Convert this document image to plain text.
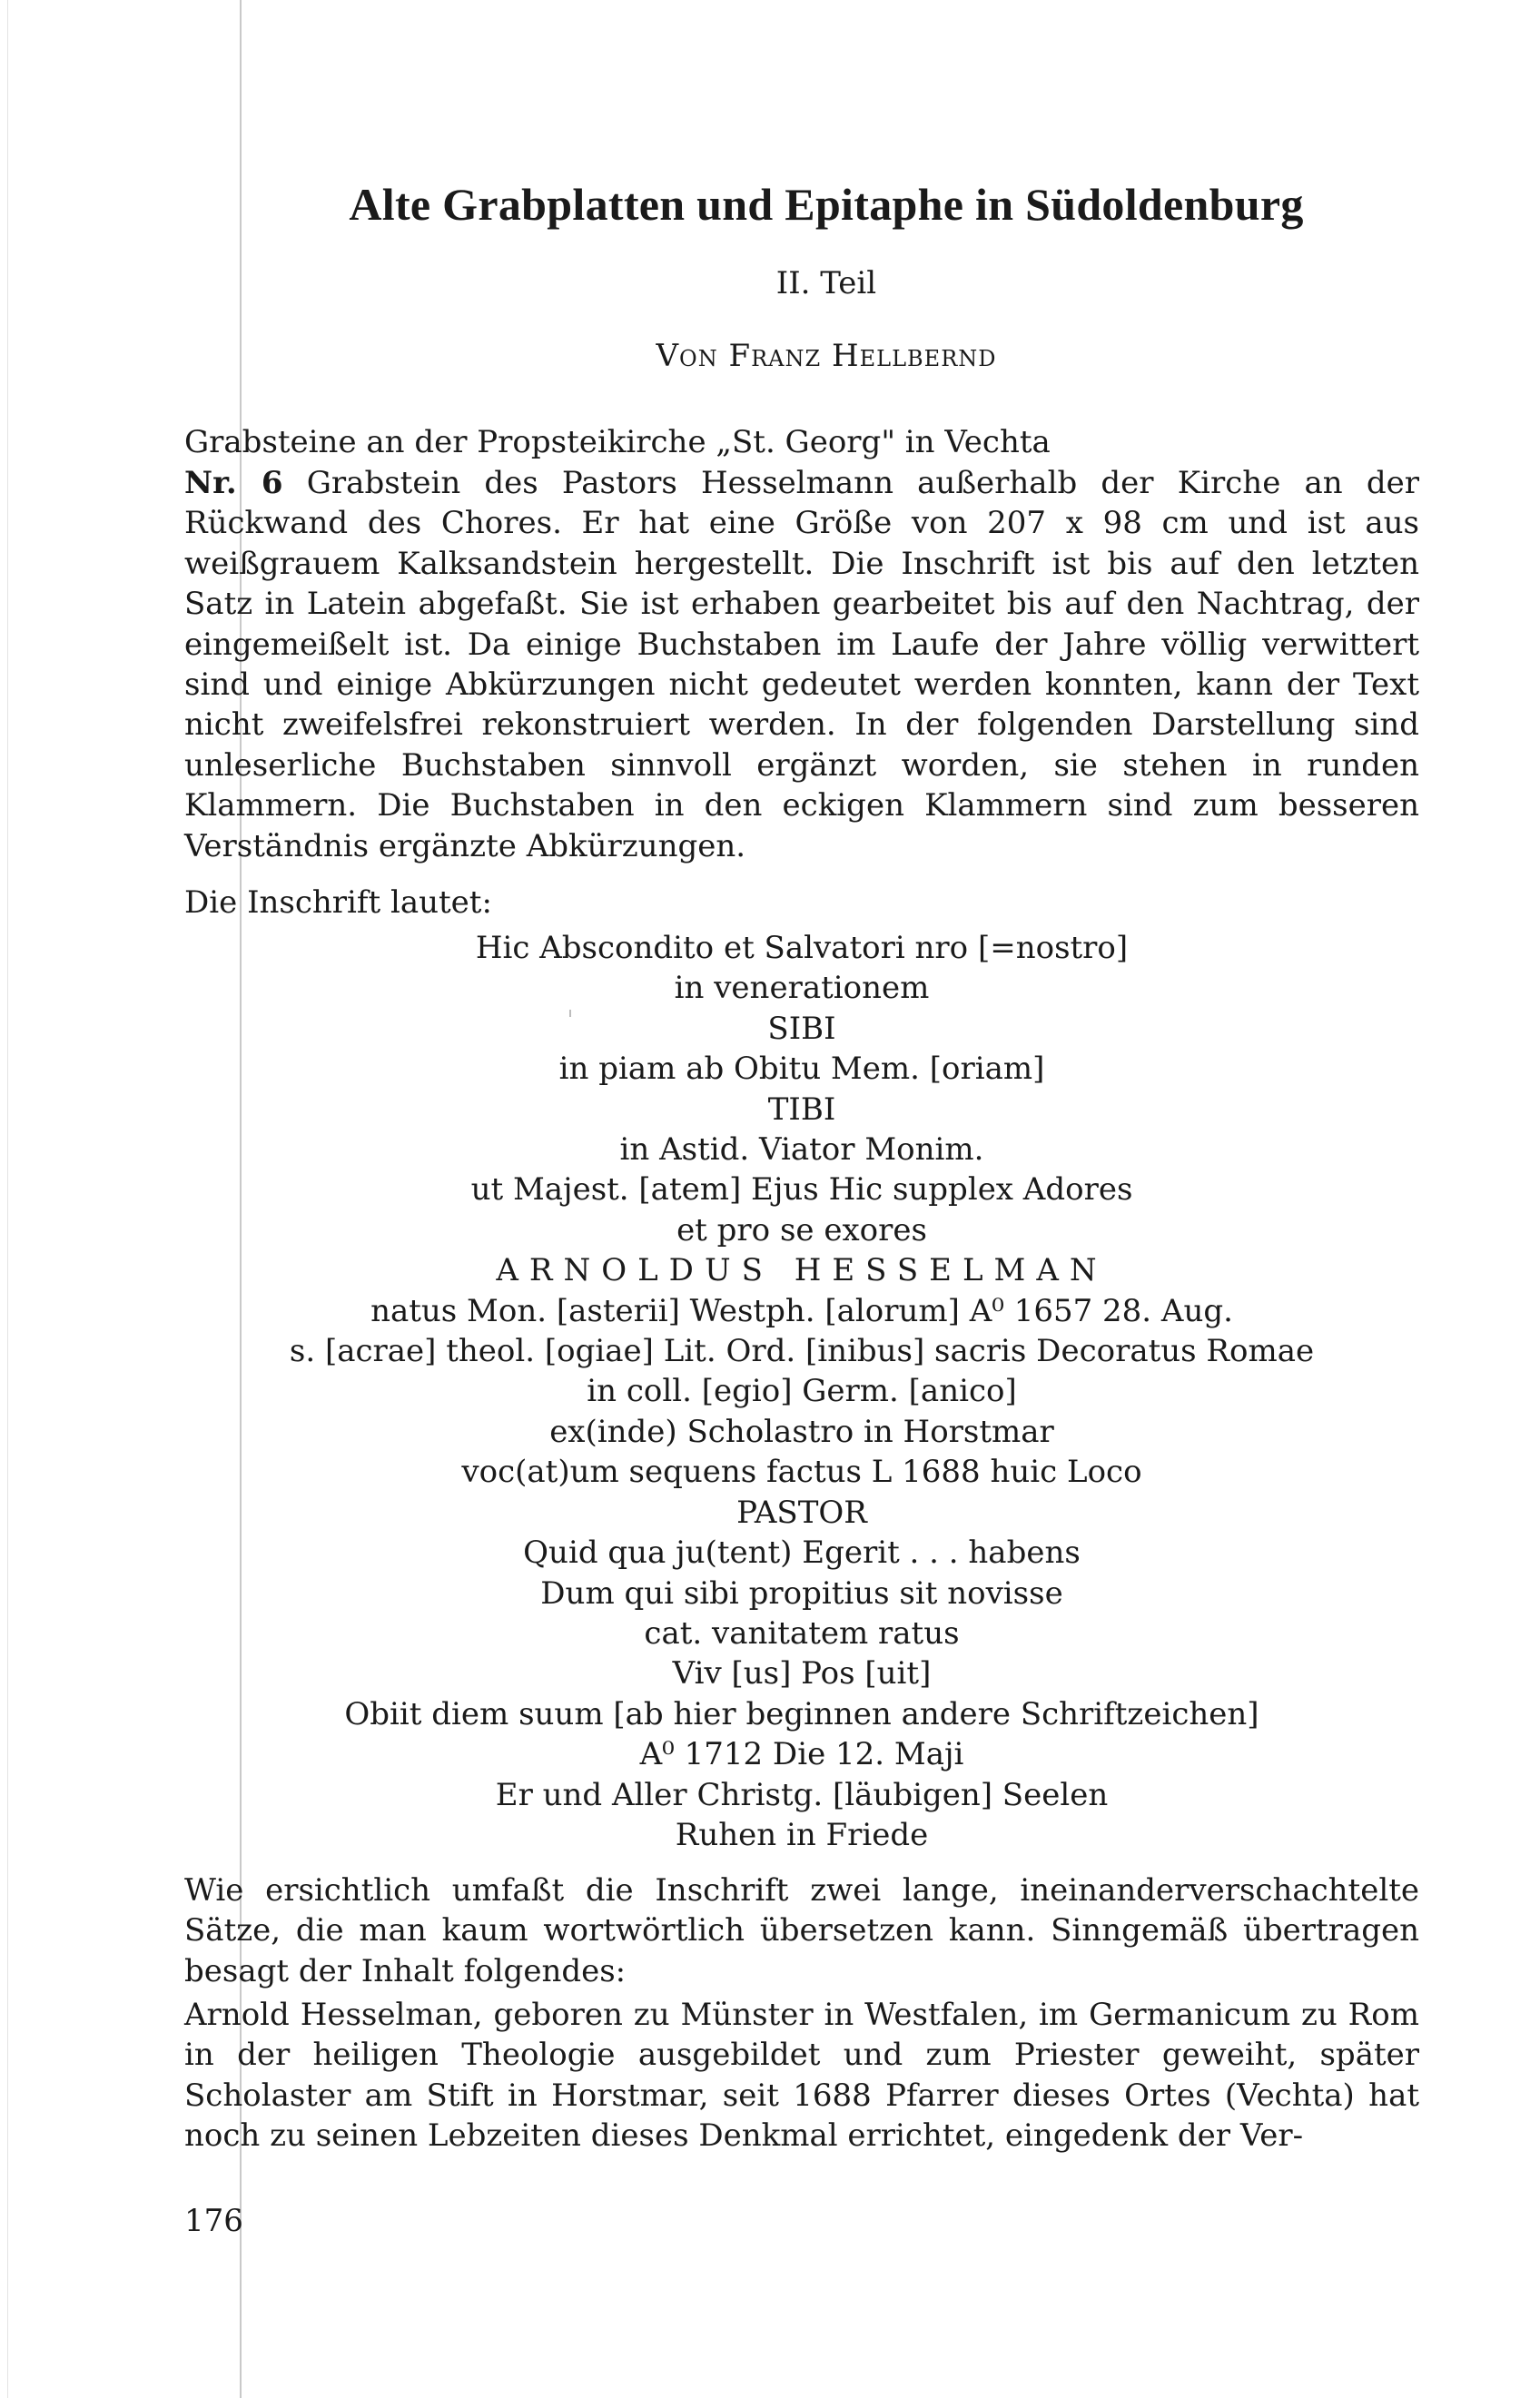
Alte Grabplatten und Epitaphe in Südoldenburg

II. Teil

Von Franz Hellbernd

Grabsteine an der Propsteikirche „St. Georg" in Vechta

Nr. 6 Grabstein des Pastors Hesselmann außerhalb der Kirche an der Rückwand des Chores. Er hat eine Größe von 207 x 98 cm und ist aus weißgrauem Kalksandstein hergestellt. Die Inschrift ist bis auf den letzten Satz in Latein abgefaßt. Sie ist erhaben gearbeitet bis auf den Nachtrag, der eingemeißelt ist. Da einige Buchstaben im Laufe der Jahre völlig verwittert sind und einige Abkürzungen nicht gedeutet werden konnten, kann der Text nicht zweifelsfrei rekonstruiert werden. In der folgenden Darstellung sind unleserliche Buchstaben sinnvoll ergänzt worden, sie stehen in runden Klammern. Die Buchstaben in den eckigen Klammern sind zum besseren Verständnis ergänzte Abkürzungen.

Die Inschrift lautet:

Hic Abscondito et Salvatori nro [=nostro]
in venerationem
SIBI
in piam ab Obitu Mem. [oriam]
TIBI
in Astid. Viator Monim.
ut Majest. [atem] Ejus Hic supplex Adores
et pro se exores
ARNOLDUS HESSELMAN
natus Mon. [asterii] Westph. [alorum] A⁰ 1657 28. Aug.
s. [acrae] theol. [ogiae] Lit. Ord. [inibus] sacris Decoratus Romae
in coll. [egio] Germ. [anico]
ex(inde) Scholastro in Horstmar
voc(at)um sequens factus L 1688 huic Loco
PASTOR
Quid qua ju(tent) Egerit . . . habens
Dum qui sibi propitius sit novisse
cat. vanitatem ratus
Viv [us] Pos [uit]
Obiit diem suum [ab hier beginnen andere Schriftzeichen]
A⁰ 1712 Die 12. Maji
Er und Aller Christg. [läubigen] Seelen
Ruhen in Friede

Wie ersichtlich umfaßt die Inschrift zwei lange, ineinanderverschachtelte Sätze, die man kaum wortwörtlich übersetzen kann. Sinngemäß übertragen besagt der Inhalt folgendes:

Arnold Hesselman, geboren zu Münster in Westfalen, im Germanicum zu Rom in der heiligen Theologie ausgebildet und zum Priester geweiht, später Scholaster am Stift in Horstmar, seit 1688 Pfarrer dieses Ortes (Vechta) hat noch zu seinen Lebzeiten dieses Denkmal errichtet, eingedenk der Ver-

176
